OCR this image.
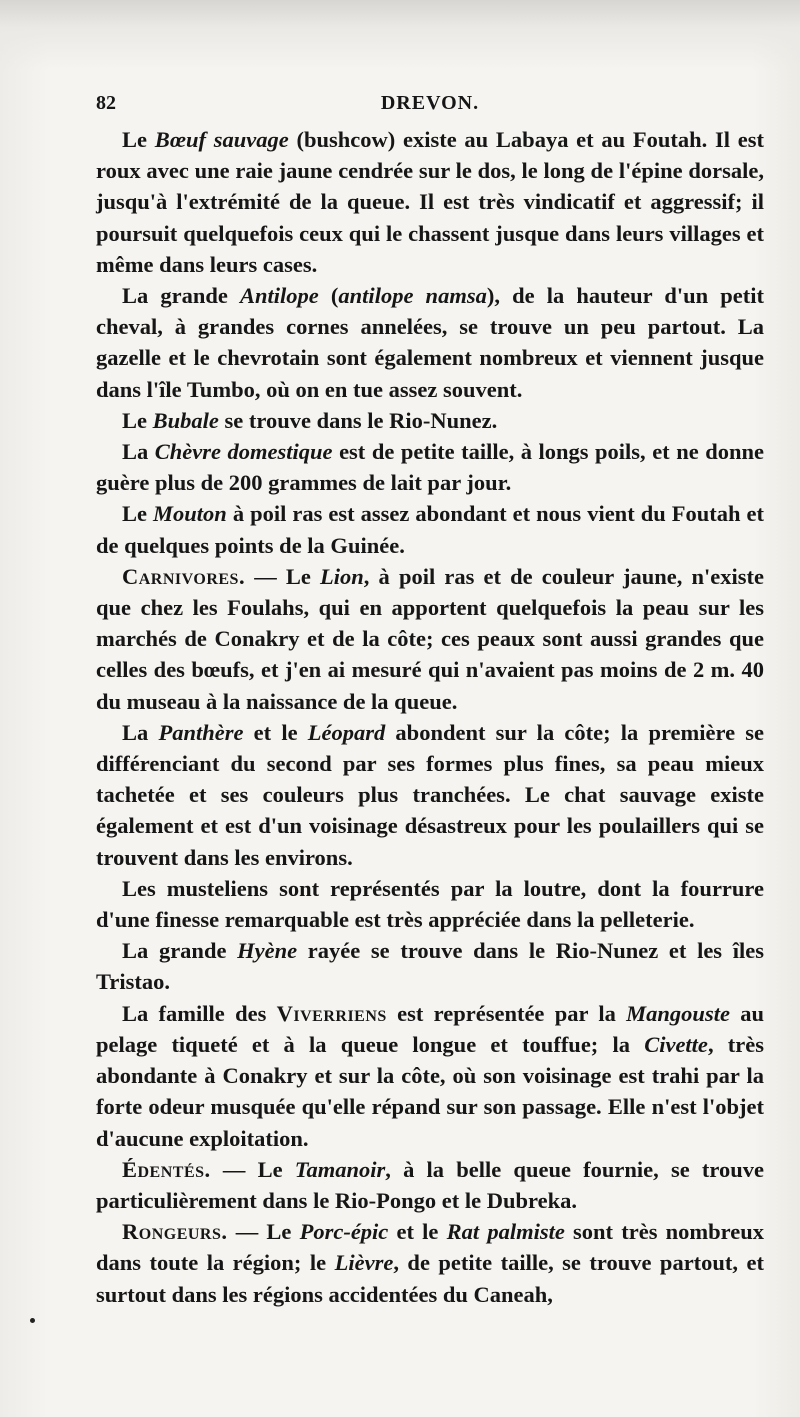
82	DREVON.

Le Bœuf sauvage (bushcow) existe au Labaya et au Foutah. Il est roux avec une raie jaune cendrée sur le dos, le long de l'épine dorsale, jusqu'à l'extrémité de la queue. Il est très vindicatif et aggressif; il poursuit quelquefois ceux qui le chassent jusque dans leurs villages et même dans leurs cases.

La grande Antilope (antilope namsa), de la hauteur d'un petit cheval, à grandes cornes annelées, se trouve un peu partout. La gazelle et le chevrotain sont également nombreux et viennent jusque dans l'île Tumbo, où on en tue assez souvent.

Le Bubale se trouve dans le Rio-Nunez.

La Chèvre domestique est de petite taille, à longs poils, et ne donne guère plus de 200 grammes de lait par jour.

Le Mouton à poil ras est assez abondant et nous vient du Foutah et de quelques points de la Guinée.

Carnivores. — Le Lion, à poil ras et de couleur jaune, n'existe que chez les Foulahs, qui en apportent quelquefois la peau sur les marchés de Conakry et de la côte; ces peaux sont aussi grandes que celles des bœufs, et j'en ai mesuré qui n'avaient pas moins de 2 m. 40 du museau à la naissance de la queue.

La Panthère et le Léopard abondent sur la côte; la première se différenciant du second par ses formes plus fines, sa peau mieux tachetée et ses couleurs plus tranchées. Le chat sauvage existe également et est d'un voisinage désastreux pour les poulaillers qui se trouvent dans les environs.

Les musteliens sont représentés par la loutre, dont la fourrure d'une finesse remarquable est très appréciée dans la pelleterie.

La grande Hyène rayée se trouve dans le Rio-Nunez et les îles Tristao.

La famille des Viverriens est représentée par la Mangouste au pelage tiqueté et à la queue longue et touffue; la Civette, très abondante à Conakry et sur la côte, où son voisinage est trahi par la forte odeur musquée qu'elle répand sur son passage. Elle n'est l'objet d'aucune exploitation.

Édentés. — Le Tamanoir, à la belle queue fournie, se trouve particulièrement dans le Rio-Pongo et le Dubreka.

Rongeurs. — Le Porc-épic et le Rat palmiste sont très nombreux dans toute la région; le Lièvre, de petite taille, se trouve partout, et surtout dans les régions accidentées du Caneah,
